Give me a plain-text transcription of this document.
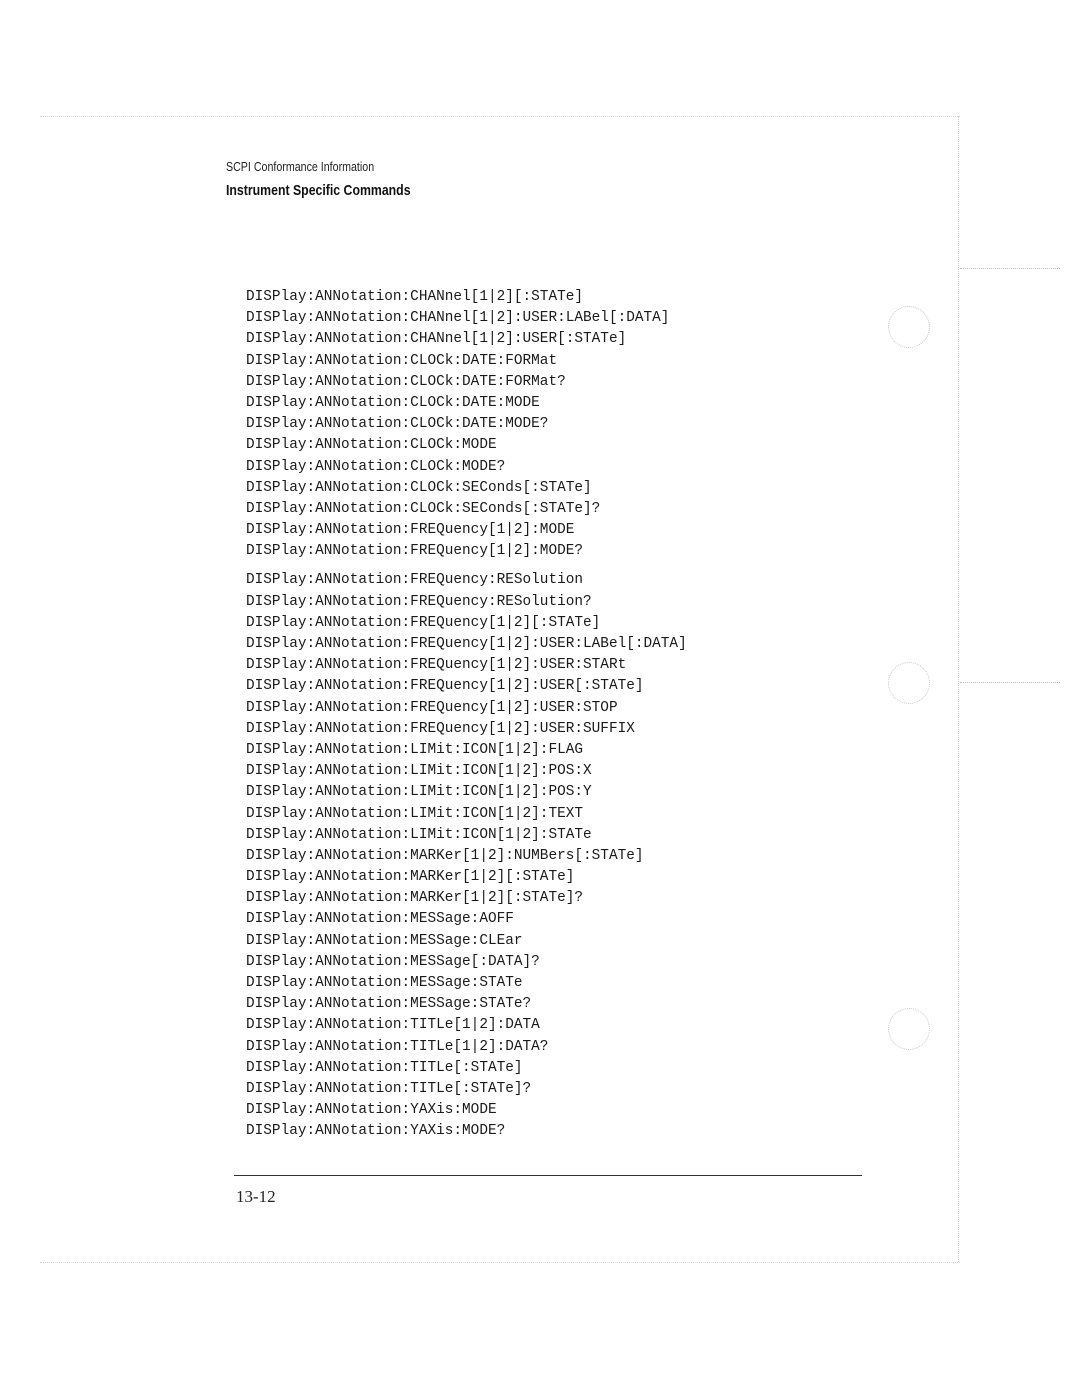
SCPI Conformance Information
Instrument Specific Commands
DISPlay:ANNotation:CHANnel[1|2][:STATe]
DISPlay:ANNotation:CHANnel[1|2]:USER:LABel[:DATA]
DISPlay:ANNotation:CHANnel[1|2]:USER[:STATe]
DISPlay:ANNotation:CLOCk:DATE:FORMat
DISPlay:ANNotation:CLOCk:DATE:FORMat?
DISPlay:ANNotation:CLOCk:DATE:MODE
DISPlay:ANNotation:CLOCk:DATE:MODE?
DISPlay:ANNotation:CLOCk:MODE
DISPlay:ANNotation:CLOCk:MODE?
DISPlay:ANNotation:CLOCk:SEConds[:STATe]
DISPlay:ANNotation:CLOCk:SEConds[:STATe]?
DISPlay:ANNotation:FREQuency[1|2]:MODE
DISPlay:ANNotation:FREQuency[1|2]:MODE?
DISPlay:ANNotation:FREQuency:RESolution
DISPlay:ANNotation:FREQuency:RESolution?
DISPlay:ANNotation:FREQuency[1|2][:STATe]
DISPlay:ANNotation:FREQuency[1|2]:USER:LABel[:DATA]
DISPlay:ANNotation:FREQuency[1|2]:USER:STARt
DISPlay:ANNotation:FREQuency[1|2]:USER[:STATe]
DISPlay:ANNotation:FREQuency[1|2]:USER:STOP
DISPlay:ANNotation:FREQuency[1|2]:USER:SUFFIX
DISPlay:ANNotation:LIMit:ICON[1|2]:FLAG
DISPlay:ANNotation:LIMit:ICON[1|2]:POS:X
DISPlay:ANNotation:LIMit:ICON[1|2]:POS:Y
DISPlay:ANNotation:LIMit:ICON[1|2]:TEXT
DISPlay:ANNotation:LIMit:ICON[1|2]:STATe
DISPlay:ANNotation:MARKer[1|2]:NUMBers[:STATe]
DISPlay:ANNotation:MARKer[1|2][:STATe]
DISPlay:ANNotation:MARKer[1|2][:STATe]?
DISPlay:ANNotation:MESSage:AOFF
DISPlay:ANNotation:MESSage:CLEar
DISPlay:ANNotation:MESSage[:DATA]?
DISPlay:ANNotation:MESSage:STATe
DISPlay:ANNotation:MESSage:STATe?
DISPlay:ANNotation:TITLe[1|2]:DATA
DISPlay:ANNotation:TITLe[1|2]:DATA?
DISPlay:ANNotation:TITLe[:STATe]
DISPlay:ANNotation:TITLe[:STATe]?
DISPlay:ANNotation:YAXis:MODE
DISPlay:ANNotation:YAXis:MODE?
13-12
